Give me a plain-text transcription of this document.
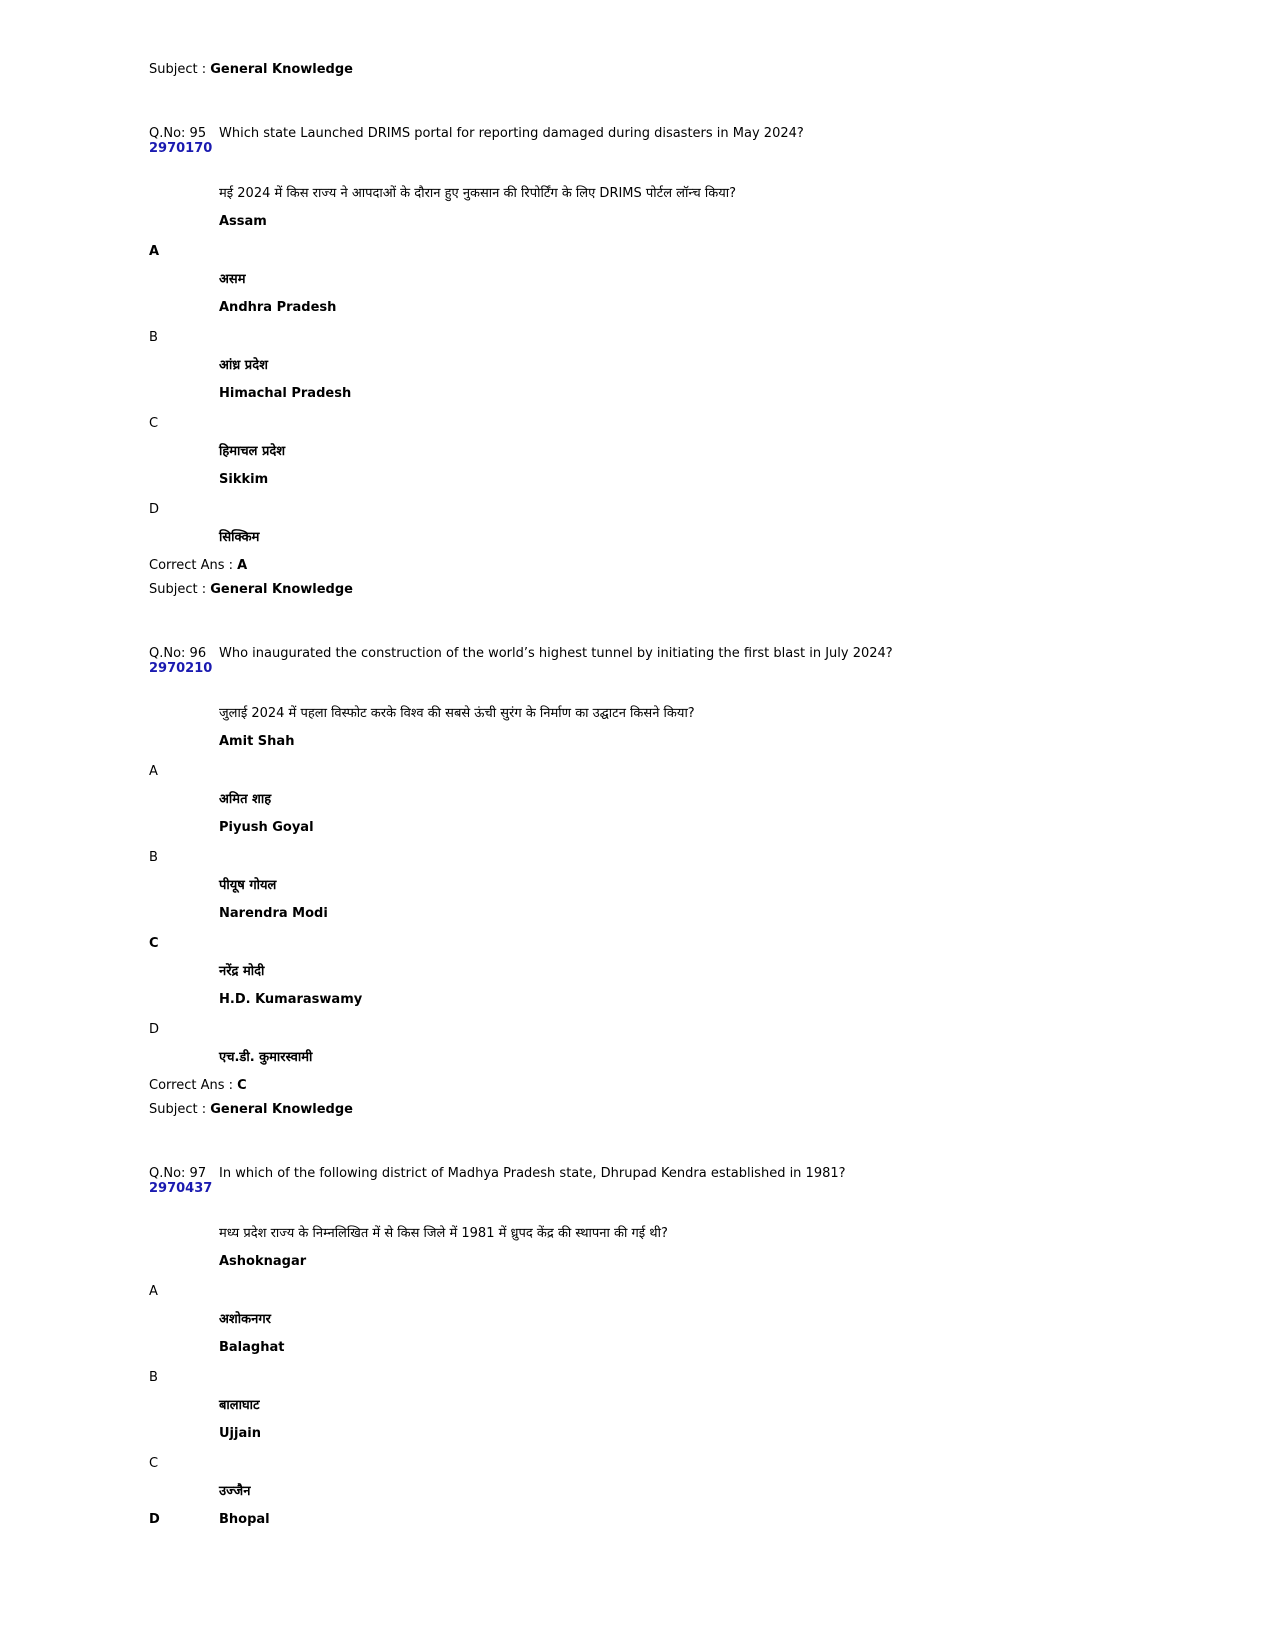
Subject : General Knowledge
Q.No: 95
2970170
Which state Launched DRIMS portal for reporting damaged during disasters in May 2024?
मई 2024 में किस राज्य ने आपदाओं के दौरान हुए नुकसान की रिपोर्टिंग के लिए DRIMS पोर्टल लॉन्च किया?
Assam
A
असम
Andhra Pradesh
B
आंध्र प्रदेश
Himachal Pradesh
C
हिमाचल प्रदेश
Sikkim
D
सिक्किम
Correct Ans : A
Subject : General Knowledge
Q.No: 96
2970210
Who inaugurated the construction of the world’s highest tunnel by initiating the first blast in July 2024?
जुलाई 2024 में पहला विस्फोट करके विश्व की सबसे ऊंची सुरंग के निर्माण का उद्घाटन किसने किया?
Amit Shah
A
अमित शाह
Piyush Goyal
B
पीयूष गोयल
Narendra Modi
C
नरेंद्र मोदी
H.D. Kumaraswamy
D
एच.डी. कुमारस्वामी
Correct Ans : C
Subject : General Knowledge
Q.No: 97
2970437
In which of the following district of Madhya Pradesh state, Dhrupad Kendra established in 1981?
मध्य प्रदेश राज्य के निम्नलिखित में से किस जिले में 1981 में ध्रुपद केंद्र की स्थापना की गई थी?
Ashoknagar
A
अशोकनगर
Balaghat
B
बालाघाट
Ujjain
C
उज्जैन
D	Bhopal
